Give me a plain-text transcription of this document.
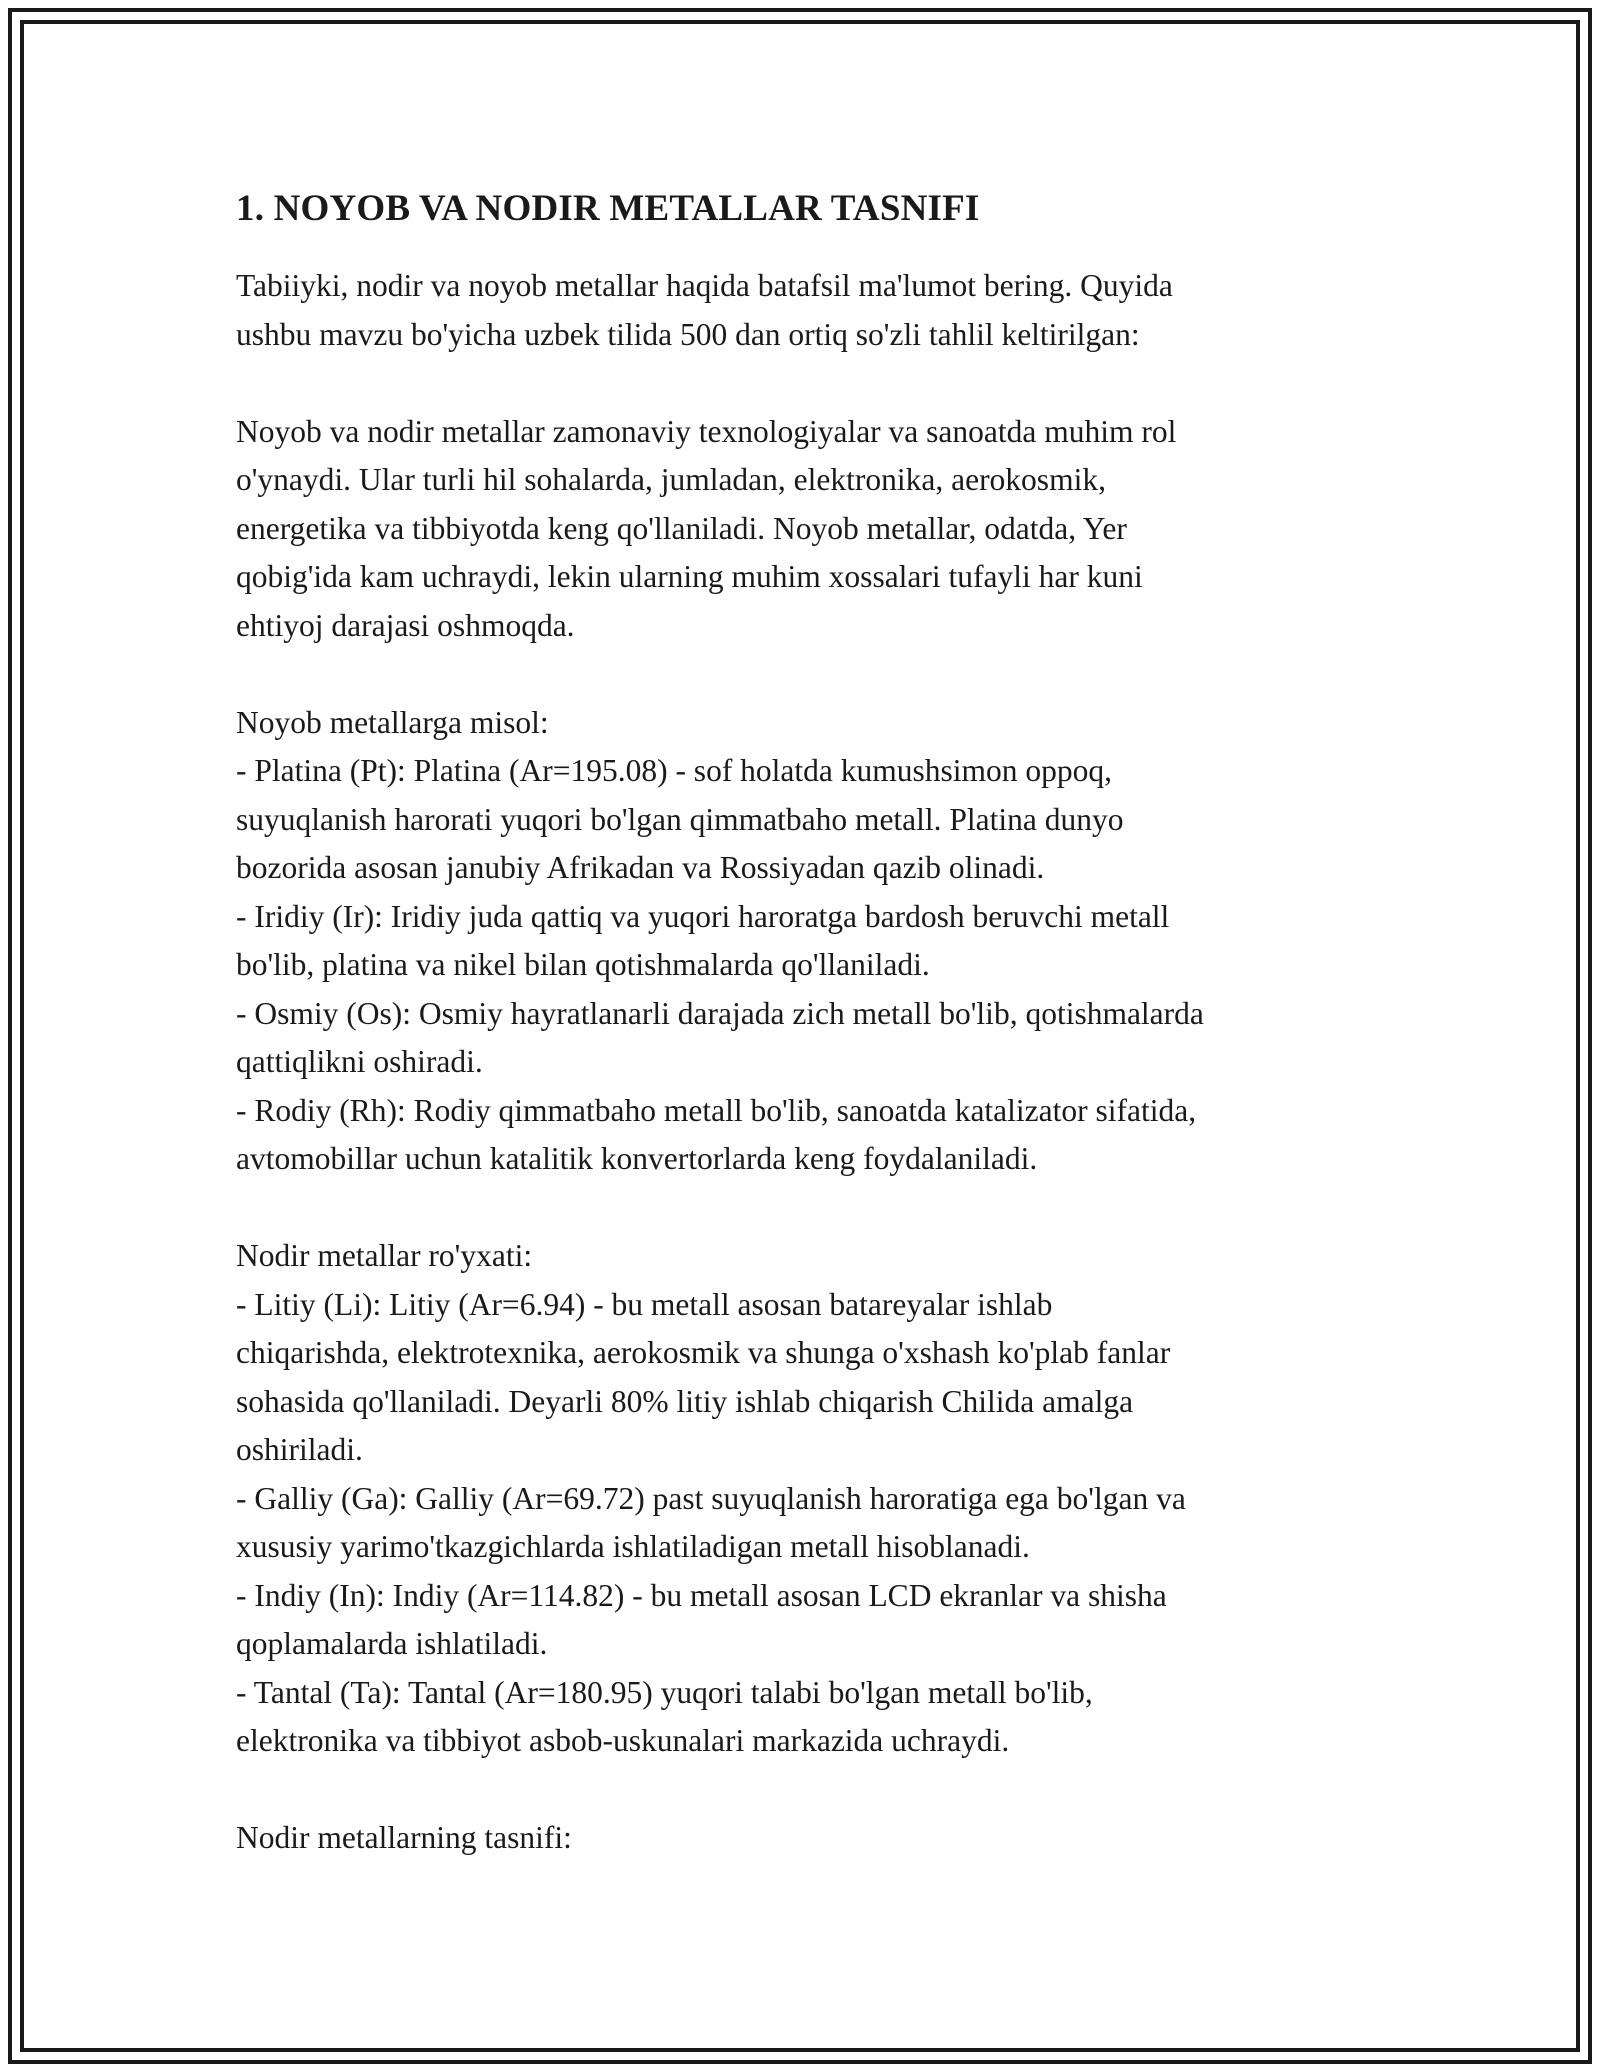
1. NOYOB VA NODIR METALLAR TASNIFI
Tabiiyki, nodir va noyob metallar haqida batafsil ma'lumot bering. Quyida
ushbu mavzu bo'yicha uzbek tilida 500 dan ortiq so'zli tahlil keltirilgan:
Noyob va nodir metallar zamonaviy texnologiyalar va sanoatda muhim rol
o'ynaydi. Ular turli hil sohalarda, jumladan, elektronika, aerokosmik,
energetika va tibbiyotda keng qo'llaniladi. Noyob metallar, odatda, Yer
qobig'ida kam uchraydi, lekin ularning muhim xossalari tufayli har kuni
ehtiyoj darajasi oshmoqda.
Noyob metallarga misol:
- Platina (Pt): Platina (Ar=195.08) - sof holatda kumushsimon oppoq,
suyuqlanish harorati yuqori bo'lgan qimmatbaho metall. Platina dunyo
bozorida asosan janubiy Afrikadan va Rossiyadan qazib olinadi.
- Iridiy (Ir): Iridiy juda qattiq va yuqori haroratga bardosh beruvchi metall
bo'lib, platina va nikel bilan qotishmalarda qo'llaniladi.
- Osmiy (Os): Osmiy hayratlanarli darajada zich metall bo'lib, qotishmalarda
qattiqlikni oshiradi.
- Rodiy (Rh): Rodiy qimmatbaho metall bo'lib, sanoatda katalizator sifatida,
avtomobillar uchun katalitik konvertorlarda keng foydalaniladi.
Nodir metallar ro'yxati:
- Litiy (Li): Litiy (Ar=6.94) - bu metall asosan batareyalar ishlab
chiqarishda, elektrotexnika, aerokosmik va shunga o'xshash ko'plab fanlar
sohasida qo'llaniladi. Deyarli 80% litiy ishlab chiqarish Chilida amalga
oshiriladi.
- Galliy (Ga): Galliy (Ar=69.72) past suyuqlanish haroratiga ega bo'lgan va
xususiy yarimo'tkazgichlarda ishlatiladigan metall hisoblanadi.
- Indiy (In): Indiy (Ar=114.82) - bu metall asosan LCD ekranlar va shisha
qoplamalarda ishlatiladi.
- Tantal (Ta): Tantal (Ar=180.95) yuqori talabi bo'lgan metall bo'lib,
elektronika va tibbiyot asbob-uskunalari markazida uchraydi.
Nodir metallarning tasnifi:
